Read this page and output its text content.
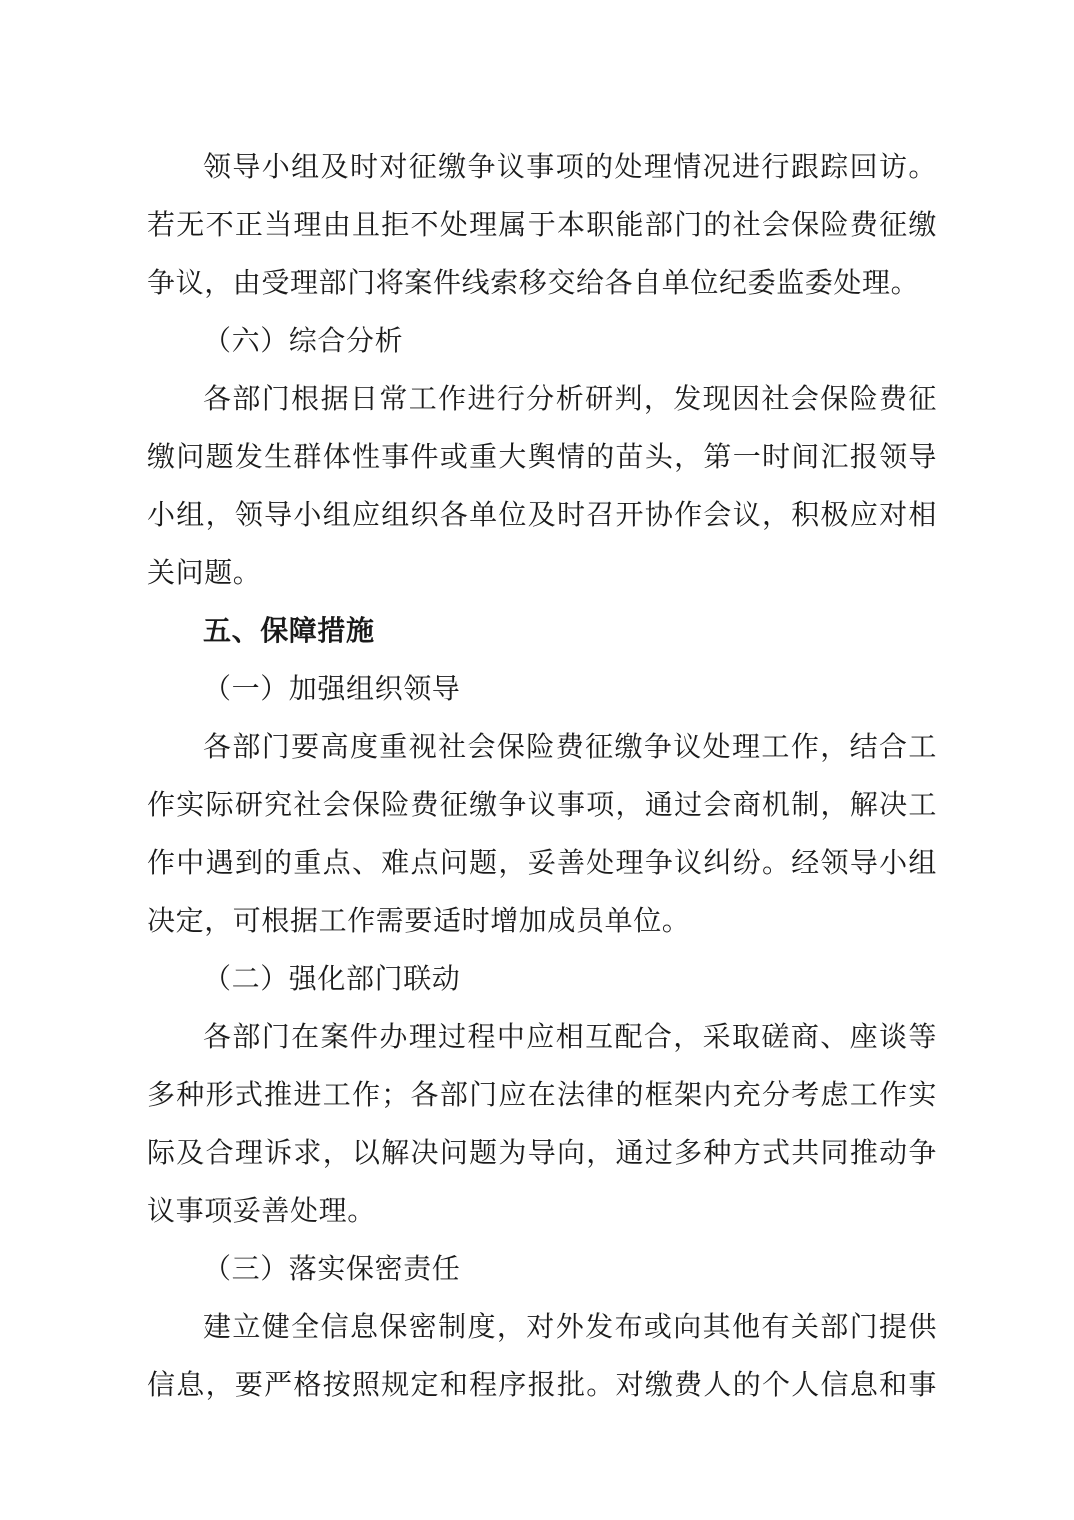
领导小组及时对征缴争议事项的处理情况进行跟踪回访。
若无不正当理由且拒不处理属于本职能部门的社会保险费征缴
争议，由受理部门将案件线索移交给各自单位纪委监委处理。
（六）综合分析
各部门根据日常工作进行分析研判，发现因社会保险费征
缴问题发生群体性事件或重大舆情的苗头，第一时间汇报领导
小组，领导小组应组织各单位及时召开协作会议，积极应对相
关问题。
五、保障措施
（一）加强组织领导
各部门要高度重视社会保险费征缴争议处理工作，结合工
作实际研究社会保险费征缴争议事项，通过会商机制，解决工
作中遇到的重点、难点问题，妥善处理争议纠纷。经领导小组
决定，可根据工作需要适时增加成员单位。
（二）强化部门联动
各部门在案件办理过程中应相互配合，采取磋商、座谈等
多种形式推进工作；各部门应在法律的框架内充分考虑工作实
际及合理诉求，以解决问题为导向，通过多种方式共同推动争
议事项妥善处理。
（三）落实保密责任
建立健全信息保密制度，对外发布或向其他有关部门提供
信息，要严格按照规定和程序报批。对缴费人的个人信息和事
